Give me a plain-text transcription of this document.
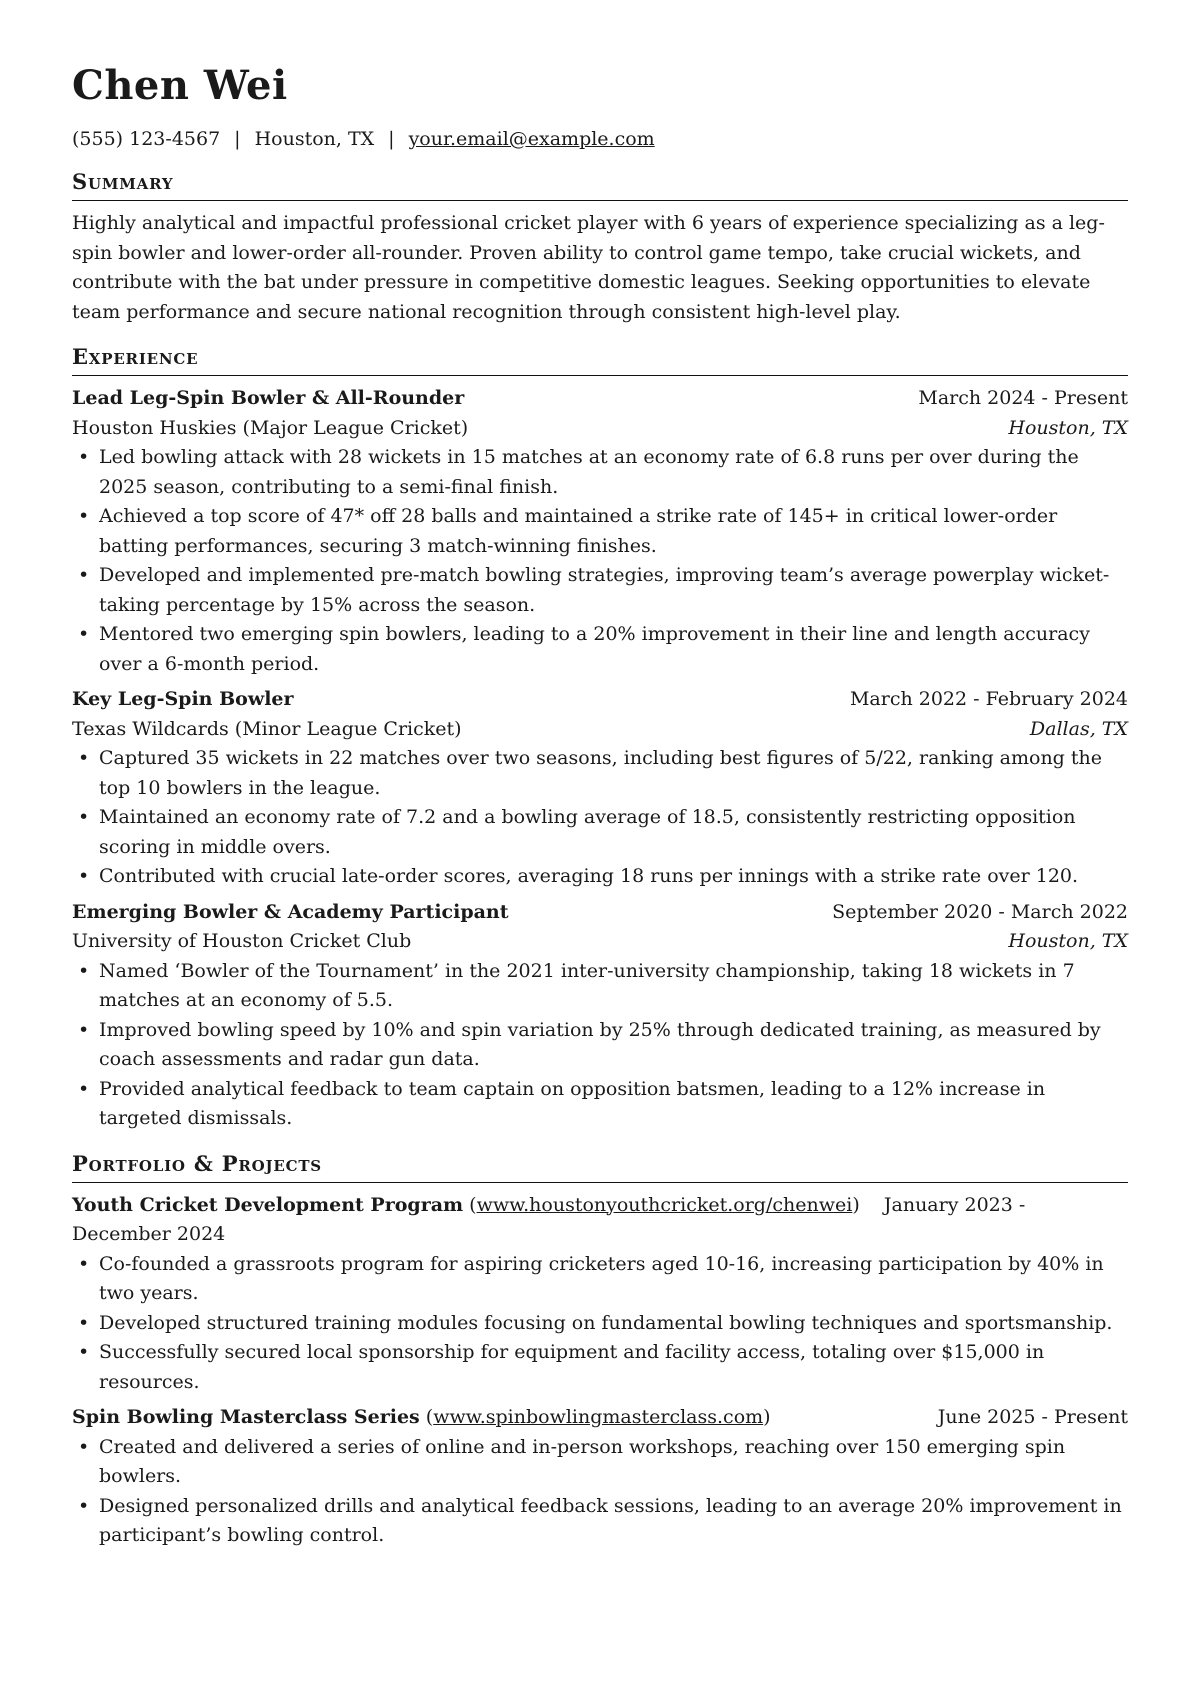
Chen Wei
(555) 123-4567 | Houston, TX | your.email@example.com
Summary

Highly analytical and impactful professional cricket player with 6 years of experience specializing as a leg-spin bowler and lower-order all-rounder. Proven ability to control game tempo, take crucial wickets, and contribute with the bat under pressure in competitive domestic leagues. Seeking opportunities to elevate team performance and secure national recognition through consistent high-level play.

Experience
Lead Leg-Spin Bowler & All-Rounder	March 2024 - Present
Houston Huskies (Major League Cricket)	Houston, TX
• Led bowling attack with 28 wickets in 15 matches at an economy rate of 6.8 runs per over during the 2025 season, contributing to a semi-final finish.
• Achieved a top score of 47* off 28 balls and maintained a strike rate of 145+ in critical lower-order batting performances, securing 3 match-winning finishes.
• Developed and implemented pre-match bowling strategies, improving team’s average powerplay wicket-taking percentage by 15% across the season.
• Mentored two emerging spin bowlers, leading to a 20% improvement in their line and length accuracy over a 6-month period.
Key Leg-Spin Bowler	March 2022 - February 2024
Texas Wildcards (Minor League Cricket)	Dallas, TX
• Captured 35 wickets in 22 matches over two seasons, including best figures of 5/22, ranking among the top 10 bowlers in the league.
• Maintained an economy rate of 7.2 and a bowling average of 18.5, consistently restricting opposition scoring in middle overs.
• Contributed with crucial late-order scores, averaging 18 runs per innings with a strike rate over 120.
Emerging Bowler & Academy Participant	September 2020 - March 2022
University of Houston Cricket Club	Houston, TX
• Named ‘Bowler of the Tournament’ in the 2021 inter-university championship, taking 18 wickets in 7 matches at an economy of 5.5.
• Improved bowling speed by 10% and spin variation by 25% through dedicated training, as measured by coach assessments and radar gun data.
• Provided analytical feedback to team captain on opposition batsmen, leading to a 12% increase in targeted dismissals.
Portfolio & Projects
Youth Cricket Development Program (www.houstonyouthcricket.org/chenwei)    January 2023 - December 2024
• Co-founded a grassroots program for aspiring cricketers aged 10-16, increasing participation by 40% in two years.
• Developed structured training modules focusing on fundamental bowling techniques and sportsmanship.
• Successfully secured local sponsorship for equipment and facility access, totaling over $15,000 in resources.
Spin Bowling Masterclass Series (www.spinbowlingmasterclass.com)	June 2025 - Present
• Created and delivered a series of online and in-person workshops, reaching over 150 emerging spin bowlers.
• Designed personalized drills and analytical feedback sessions, leading to an average 20% improvement in participant’s bowling control.
